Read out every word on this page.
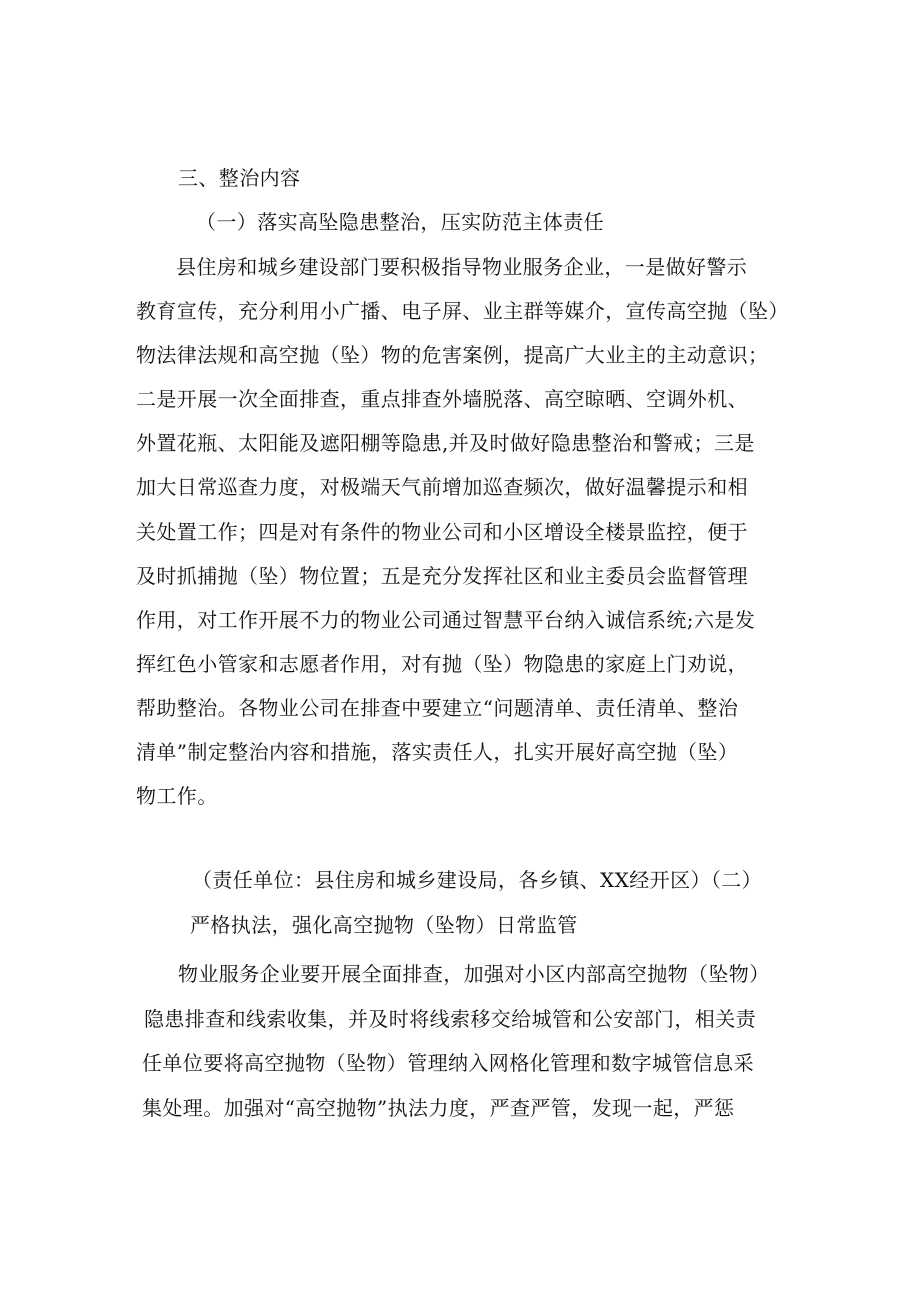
三、整治内容
（一）落实高坠隐患整治，压实防范主体责任
县住房和城乡建设部门要积极指导物业服务企业，一是做好警示
教育宣传，充分利用小广播、电子屏、业主群等媒介，宣传高空抛（坠）
物法律法规和高空抛（坠）物的危害案例，提高广大业主的主动意识；
二是开展一次全面排查，重点排查外墙脱落、高空晾晒、空调外机、
外置花瓶、太阳能及遮阳棚等隐患,并及时做好隐患整治和警戒；三是
加大日常巡查力度，对极端天气前增加巡查频次，做好温馨提示和相
关处置工作；四是对有条件的物业公司和小区增设全楼景监控，便于
及时抓捕抛（坠）物位置；五是充分发挥社区和业主委员会监督管理
作用，对工作开展不力的物业公司通过智慧平台纳入诚信系统;六是发
挥红色小管家和志愿者作用，对有抛（坠）物隐患的家庭上门劝说，
帮助整治。各物业公司在排查中要建立“问题清单、责任清单、整治
清单”制定整治内容和措施，落实责任人，扎实开展好高空抛（坠）
物工作。
（责任单位：县住房和城乡建设局，各乡镇、XX经开区）（二）
严格执法，强化高空抛物（坠物）日常监管
物业服务企业要开展全面排查，加强对小区内部高空抛物（坠物）
隐患排查和线索收集，并及时将线索移交给城管和公安部门，相关责
任单位要将高空抛物（坠物）管理纳入网格化管理和数字城管信息采
集处理。加强对“高空抛物”执法力度，严查严管，发现一起，严惩
